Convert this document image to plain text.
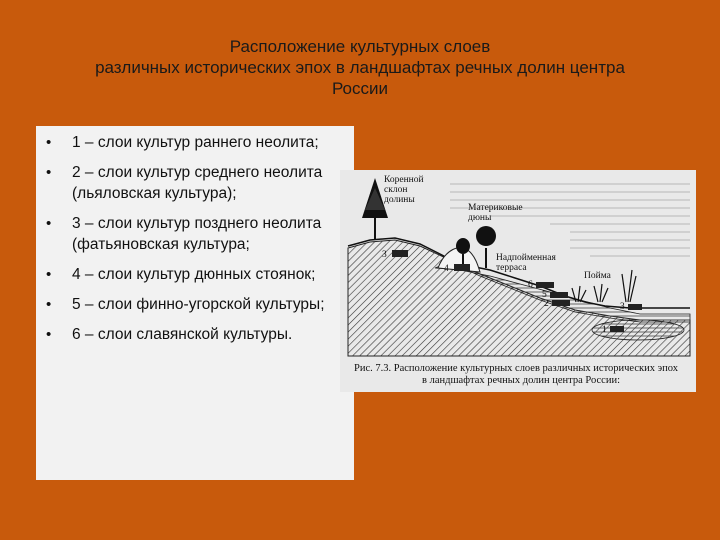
Расположение культурных слоев
различных исторических эпох в ландшафтах речных долин центра
России
• 1 – слои культур раннего неолита;
• 2 – слои культур среднего неолита (льяловская культура);
• 3 – слои культур позднего неолита (фатьяновская культура;
• 4 – слои культур дюнных стоянок;
• 5 – слои финно-угорской культуры;
• 6 – слои славянской культуры.
3
4
6
5
2	3
1
Коренной
склон
долины
Материковые
дюны
Надпойменная
терраса
Пойма
Рис. 7.3. Расположение культурных слоев различных исторических эпох
в ландшафтах речных долин центра России:
